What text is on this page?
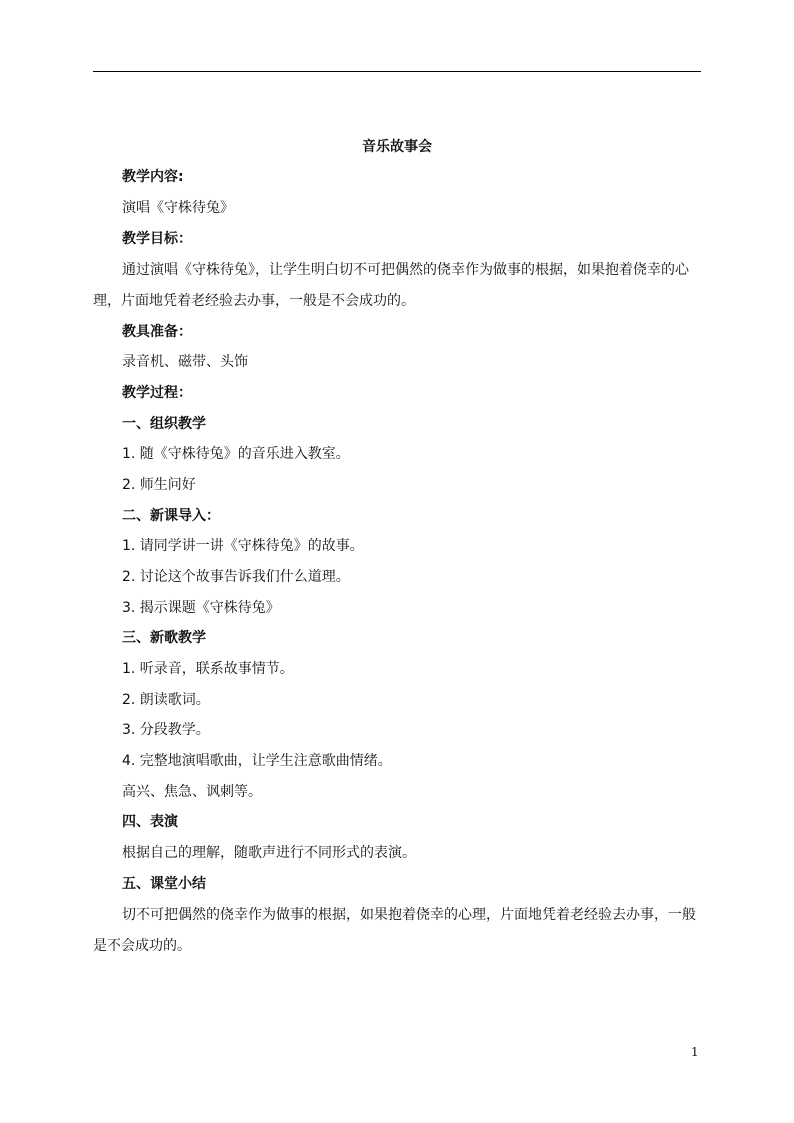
音乐故事会
教学内容:
演唱《守株待兔》
教学目标：
通过演唱《守株待兔》，让学生明白切不可把偶然的侥幸作为做事的根据，如果抱着侥幸的心理，片面地凭着老经验去办事，一般是不会成功的。
教具准备：
录音机、磁带、头饰
教学过程：
一、组织教学
1. 随《守株待兔》的音乐进入教室。
2. 师生问好
二、新课导入：
1. 请同学讲一讲《守株待兔》的故事。
2. 讨论这个故事告诉我们什么道理。
3. 揭示课题《守株待兔》
三、新歌教学
1. 听录音，联系故事情节。
2. 朗读歌词。
3. 分段教学。
4. 完整地演唱歌曲，让学生注意歌曲情绪。
高兴、焦急、讽刺等。
四、表演
根据自己的理解，随歌声进行不同形式的表演。
五、课堂小结
切不可把偶然的侥幸作为做事的根据，如果抱着侥幸的心理，片面地凭着老经验去办事，一般是不会成功的。
1
